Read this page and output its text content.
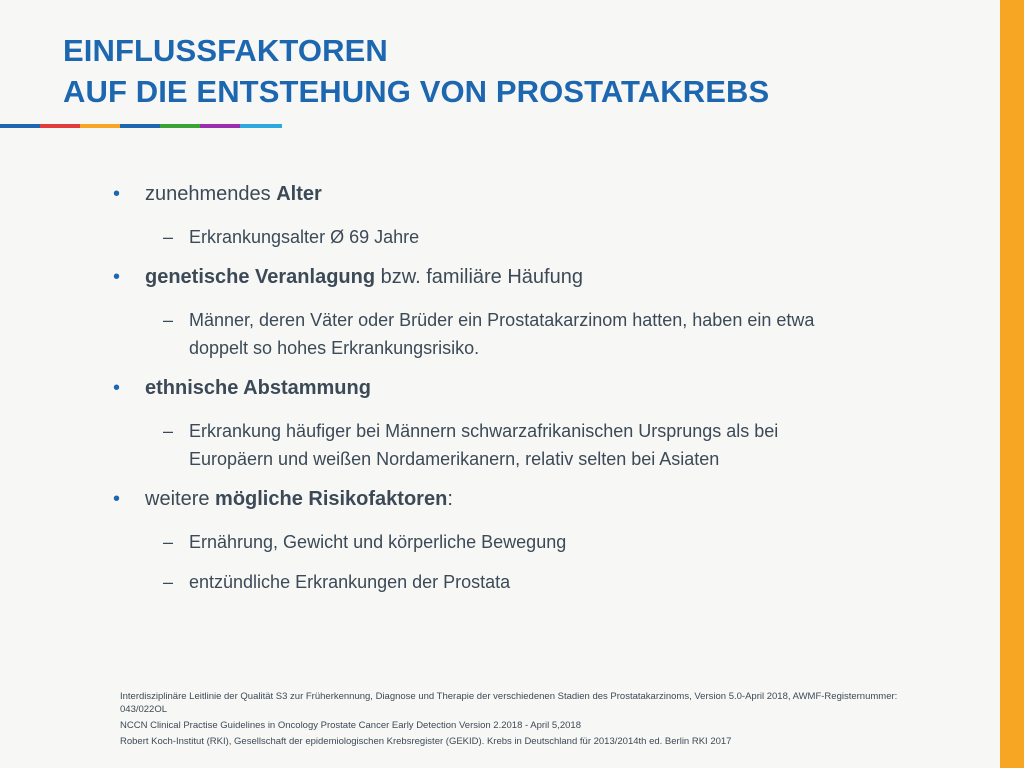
EINFLUSSFAKTOREN
AUF DIE ENTSTEHUNG VON PROSTATAKREBS
• zunehmendes Alter
– Erkrankungsalter Ø 69 Jahre
• genetische Veranlagung bzw. familiäre Häufung
– Männer, deren Väter oder Brüder ein Prostatakarzinom hatten, haben ein etwa
doppelt so hohes Erkrankungsrisiko.
• ethnische Abstammung
– Erkrankung häufiger bei Männern schwarzafrikanischen Ursprungs als bei
Europäern und weißen Nordamerikanern, relativ selten bei Asiaten
• weitere mögliche Risikofaktoren:
– Ernährung, Gewicht und körperliche Bewegung
– entzündliche Erkrankungen der Prostata

Interdisziplinäre Leitlinie der Qualität S3 zur Früherkennung, Diagnose und Therapie der verschiedenen Stadien des Prostatakarzinoms, Version 5.0-April 2018, AWMF-Registernummer:
043/022OL

NCCN Clinical Practise Guidelines in Oncology Prostate Cancer Early Detection Version 2.2018 - April 5,2018

Robert Koch-Institut (RKI), Gesellschaft der epidemiologischen Krebsregister (GEKID). Krebs in Deutschland für 2013/2014th ed. Berlin RKI 2017
